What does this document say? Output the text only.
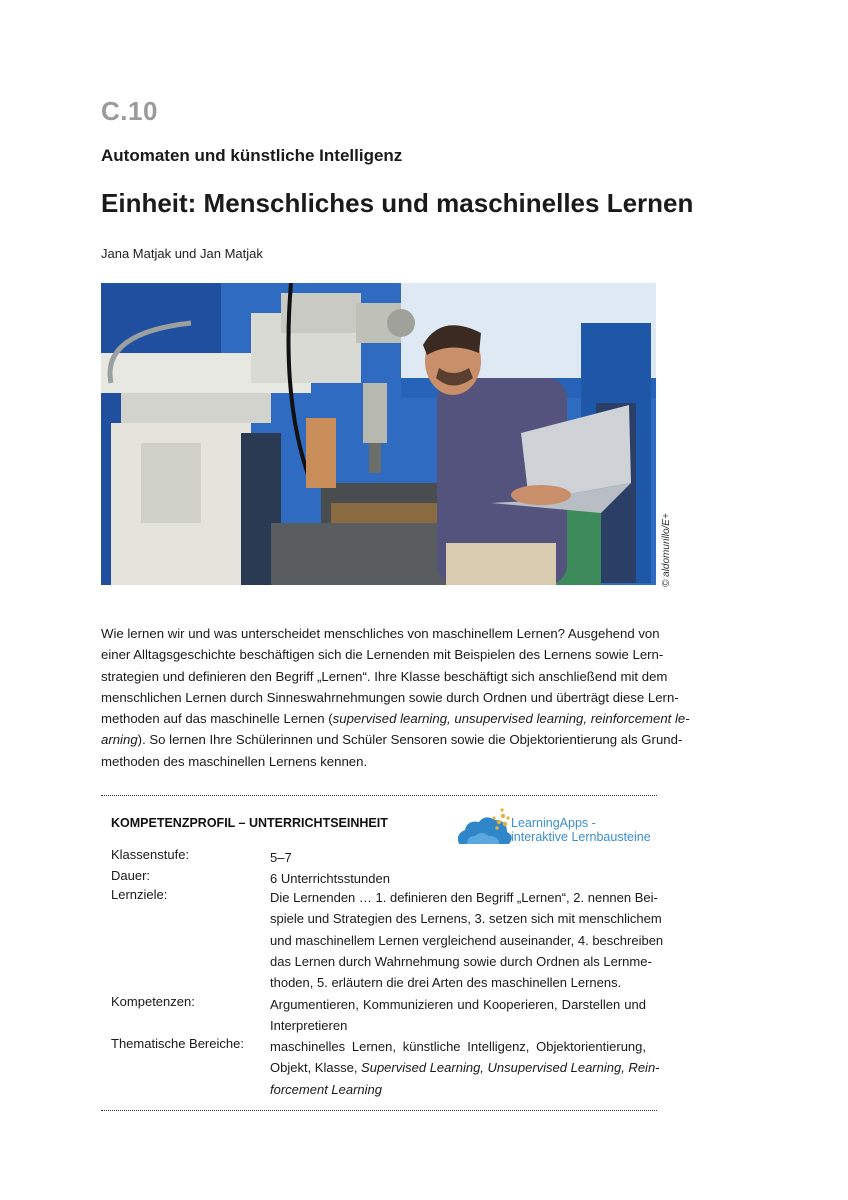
C.10
Automaten und künstliche Intelligenz
Einheit: Menschliches und maschinelles Lernen
Jana Matjak und Jan Matjak
© aldomurillo/E+
Wie lernen wir und was unterscheidet menschliches von maschinellem Lernen? Ausgehend von
einer Alltagsgeschichte beschäftigen sich die Lernenden mit Beispielen des Lernens sowie Lern-
strategien und definieren den Begriff „Lernen“. Ihre Klasse beschäftigt sich anschließend mit dem
menschlichen Lernen durch Sinneswahrnehmungen sowie durch Ordnen und überträgt diese Lern-
methoden auf das maschinelle Lernen (supervised learning, unsupervised learning, reinforcement le-
arning). So lernen Ihre Schülerinnen und Schüler Sensoren sowie die Objektorientierung als Grund-
methoden des maschinellen Lernens kennen.
KOMPETENZPROFIL – UNTERRICHTSEINHEIT	LearningApps -
interaktive Lernbausteine
Klassenstufe:	5–7
Dauer:	6 Unterrichtsstunden
Lernziele:	Die Lernenden … 1. definieren den Begriff „Lernen“, 2. nennen Bei-
spiele und Strategien des Lernens, 3. setzen sich mit menschlichem
und maschinellem Lernen vergleichend auseinander, 4. beschreiben
das Lernen durch Wahrnehmung sowie durch Ordnen als Lernme-
thoden, 5. erläutern die drei Arten des maschinellen Lernens.
Kompetenzen:	Argumentieren, Kommunizieren und Kooperieren, Darstellen und
Interpretieren
Thematische Bereiche: maschinelles Lernen, künstliche Intelligenz, Objektorientierung,
Objekt, Klasse, Supervised Learning, Unsupervised Learning, Rein-
forcement Learning
